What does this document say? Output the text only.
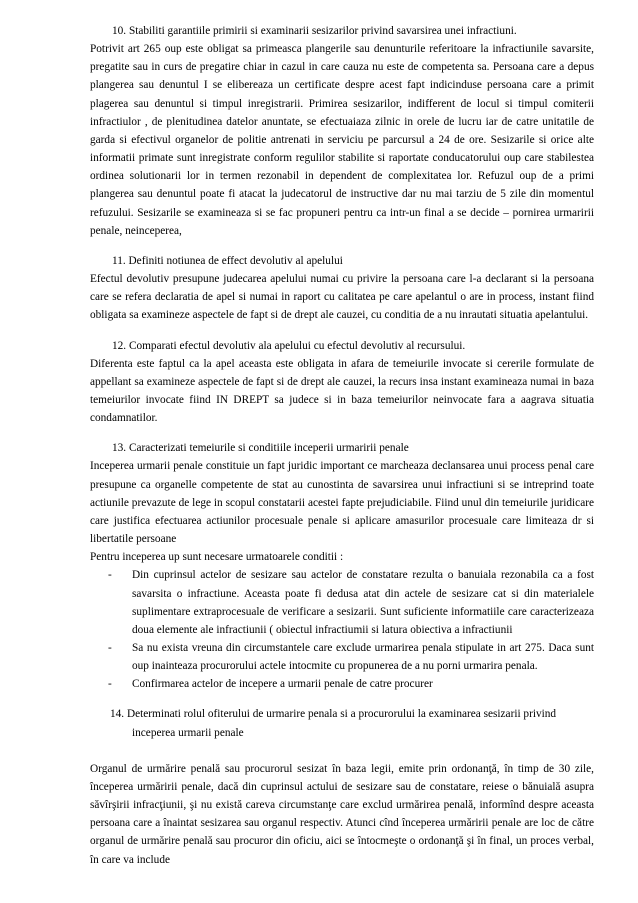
10. Stabiliti garantiile primirii si examinarii sesizarilor privind savarsirea unei infractiuni.

Potrivit art 265 oup este obligat sa primeasca plangerile sau denunturile referitoare la infractiunile savarsite, pregatite sau in curs de pregatire chiar in cazul in care cauza nu este de competenta sa. Persoana care a depus plangerea sau denuntul I se elibereaza un certificate despre acest fapt indicinduse persoana care a primit plagerea sau denuntul si timpul inregistrarii. Primirea sesizarilor, indifferent de locul si timpul comiterii infractiulor , de plenitudinea datelor anuntate, se efectuaiaza zilnic in orele de lucru iar de catre unitatile de garda si efectivul organelor de politie antrenati in serviciu pe parcursul a 24 de ore. Sesizarile si orice alte informatii primate sunt inregistrate conform regulilor stabilite si raportate conducatorului oup care stabilestea ordinea solutionarii lor in termen rezonabil in dependent de complexitatea lor. Refuzul oup de a primi plangerea sau denuntul poate fi atacat la judecatorul de instructive dar nu mai tarziu de 5 zile din momentul refuzului. Sesizarile se examineaza si se fac propuneri pentru ca intr-un final a se decide – pornirea urmaririi penale, neinceperea,

11. Definiti notiunea de effect devolutiv al apelului

Efectul devolutiv presupune judecarea apelului numai cu privire la persoana care l-a declarant si la persoana care se refera declaratia de apel si numai in raport cu calitatea pe care apelantul o are in process, instant fiind obligata sa examineze aspectele de fapt si de drept ale cauzei, cu conditia de a nu inrautati situatia apelantului.

12. Comparati efectul devolutiv ala apelului cu efectul devolutiv al recursului.

Diferenta este faptul ca la apel aceasta este obligata in afara de temeiurile invocate si cererile formulate de appellant sa examineze aspectele de fapt si de drept ale cauzei, la recurs insa instant examineaza numai in baza temeiurilor invocate fiind IN DREPT sa judece si in baza temeiurilor neinvocate fara a aagrava situatia condamnatilor.

13. Caracterizati temeiurile si conditiile inceperii urmaririi penale

Inceperea urmarii penale constituie un fapt juridic important ce marcheaza declansarea unui process penal care presupune ca organelle competente de stat au cunostinta de savarsirea unui infractiuni si se intreprind toate actiunile prevazute de lege in scopul constatarii acestei fapte prejudiciabile. Fiind unul din temeiurile juridicare care justifica efectuarea actiunilor procesuale penale si aplicare amasurilor procesuale care limiteaza dr si libertatile persoane

Pentru inceperea up sunt necesare urmatoarele conditii :

- Din cuprinsul actelor de sesizare sau actelor de constatare rezulta o banuiala rezonabila ca a fost savarsita o infractiune. Aceasta poate fi dedusa atat din actele de sesizare cat si din materialele suplimentare extraprocesuale de verificare a sesizarii. Sunt suficiente informatiile care caracterizeaza doua elemente ale infractiunii ( obiectul infractiumii si latura obiectiva a infractiunii
- Sa nu exista vreuna din circumstantele care exclude urmarirea penala stipulate in art 275. Daca sunt oup inainteaza procurorului actele intocmite cu propunerea de a nu porni urmarira penala.
- Confirmarea actelor de incepere a urmarii penale de catre procurer

14. Determinati rolul ofiterului de urmarire penala si a procurorului la examinarea sesizarii privind inceperea urmarii penale

Organul de urmărire penală sau procurorul sesizat în baza legii, emite prin ordonanţă, în timp de 30 zile, începerea urmăririi penale, dacă din cuprinsul actului de sesizare sau de constatare, reiese o bănuială asupra săvîrşirii infracţiunii, şi nu există careva circumstanţe care exclud urmărirea penală, informînd despre aceasta persoana care a înaintat sesizarea sau organul respectiv. Atunci cînd începerea urmăririi penale are loc de către organul de urmărire penală sau procuror din oficiu, aici se întocmeşte o ordonanţă şi în final, un proces verbal, în care va include
